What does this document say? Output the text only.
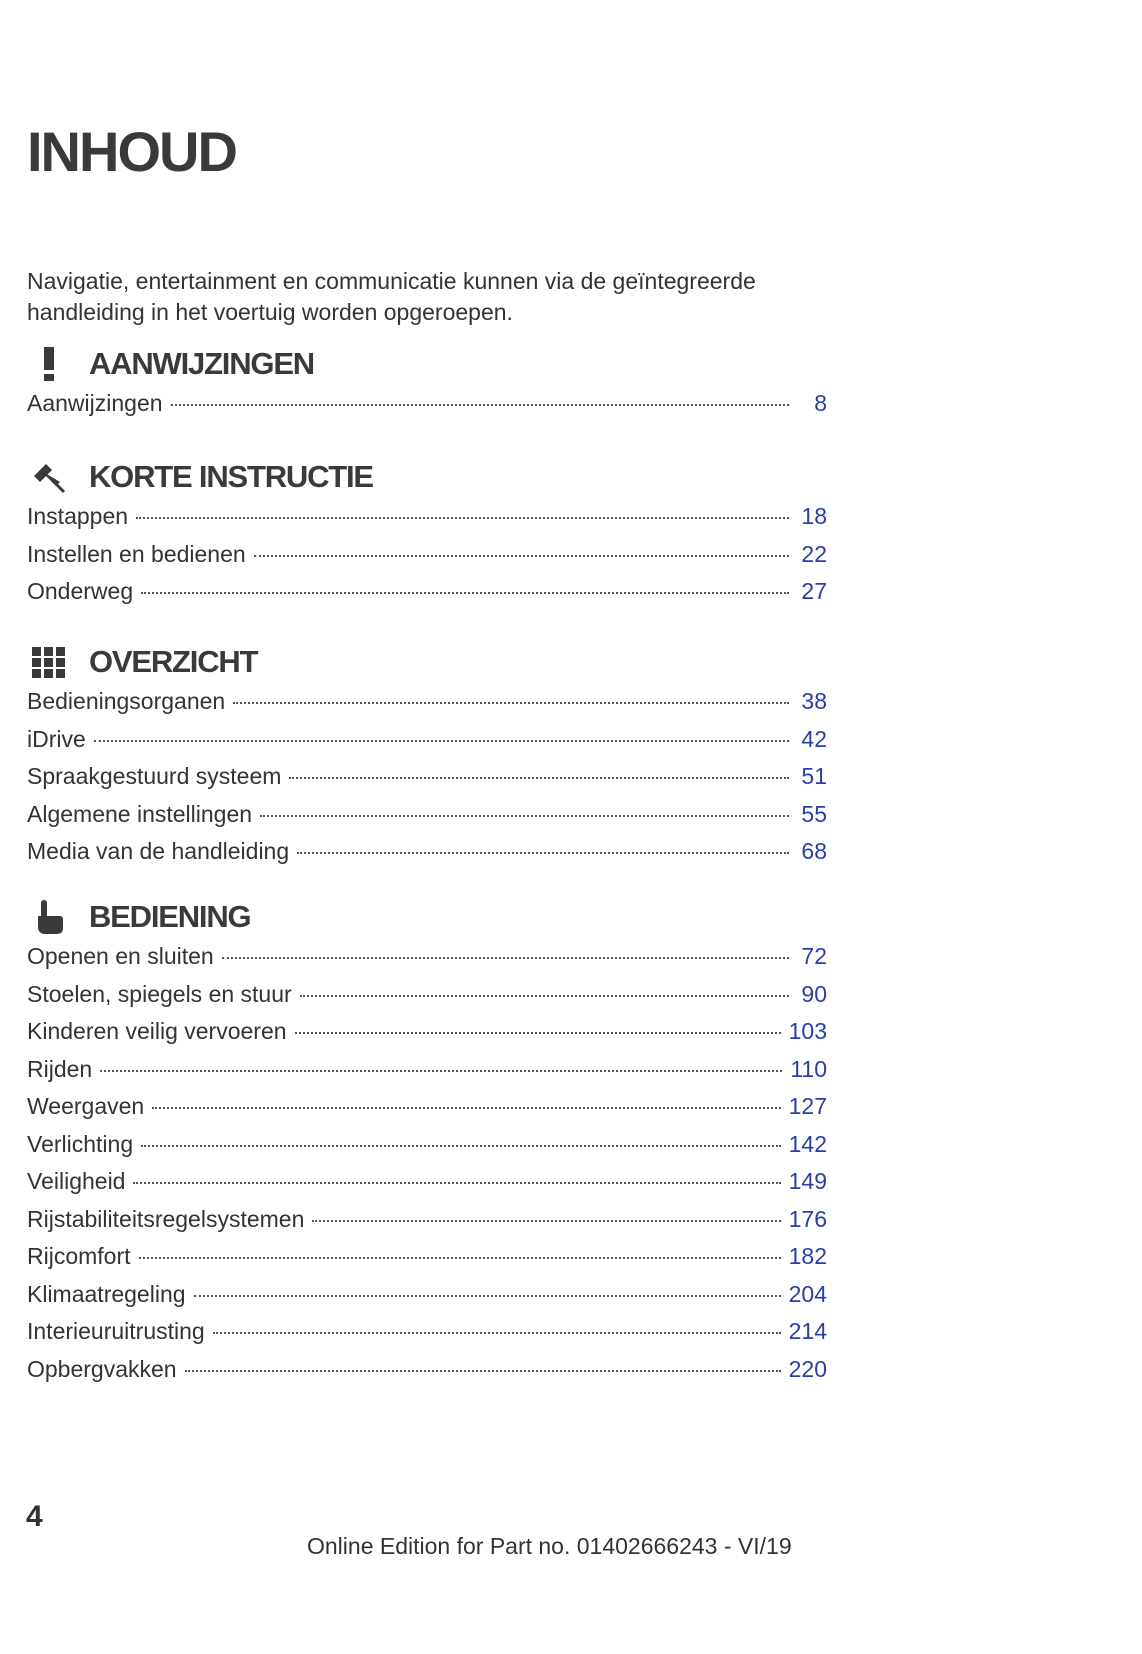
INHOUD

Navigatie, entertainment en communicatie kunnen via de geïntegreerde handleiding in het voertuig worden opgeroepen.

AANWIJZINGEN
Aanwijzingen	8
KORTE INSTRUCTIE
Instappen	18
Instellen en bedienen	22
Onderweg	27
OVERZICHT
Bedieningsorganen	38
iDrive	42
Spraakgestuurd systeem	51
Algemene instellingen	55
Media van de handleiding	68
BEDIENING
Openen en sluiten	72
Stoelen, spiegels en stuur	90
Kinderen veilig vervoeren	103
Rijden	110
Weergaven	127
Verlichting	142
Veiligheid	149
Rijstabiliteitsregelsystemen	176
Rijcomfort	182
Klimaatregeling	204
Interieuruitrusting	214
Opbergvakken	220
4
Online Edition for Part no. 01402666243 - VI/19
